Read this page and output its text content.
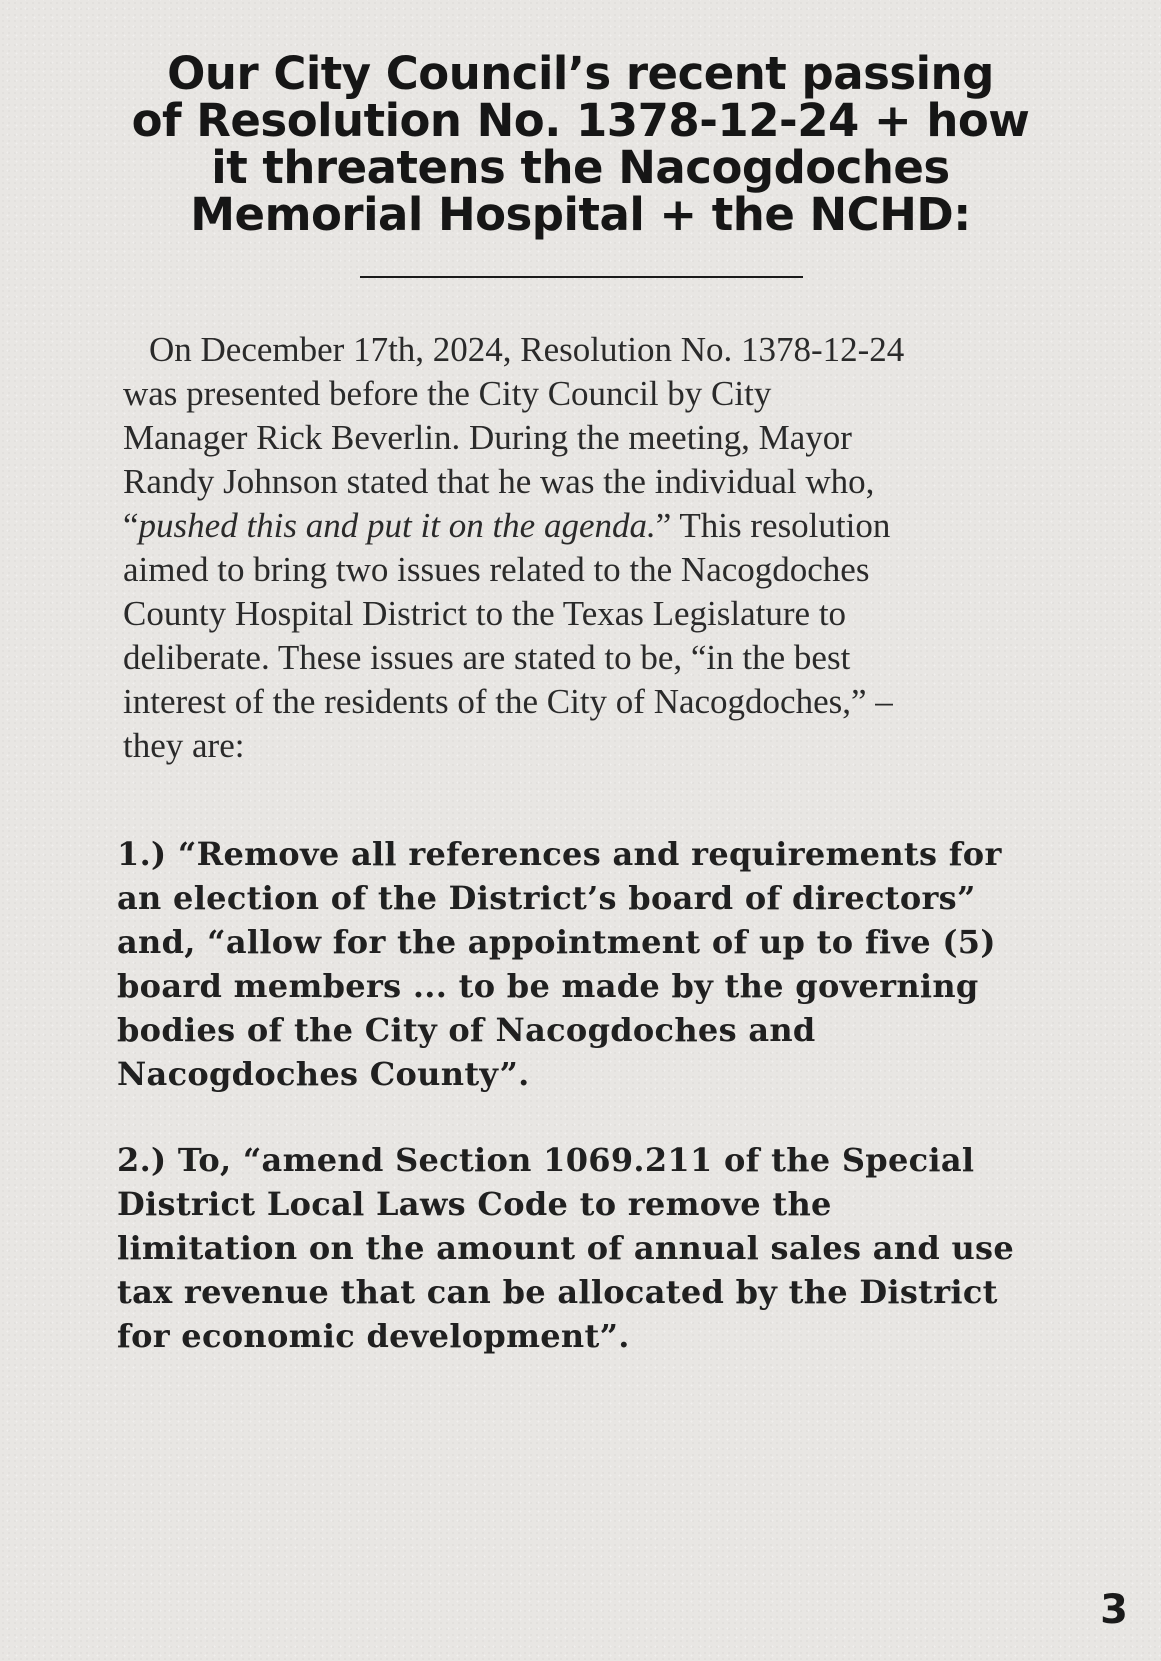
Our City Council’s recent passing
of Resolution No. 1378-12-24 + how
it threatens the Nacogdoches
Memorial Hospital + the NCHD:
On December 17th, 2024, Resolution No. 1378-12-24
was presented before the City Council by City
Manager Rick Beverlin. During the meeting, Mayor
Randy Johnson stated that he was the individual who,
“pushed this and put it on the agenda.” This resolution
aimed to bring two issues related to the Nacogdoches
County Hospital District to the Texas Legislature to
deliberate. These issues are stated to be, “in the best
interest of the residents of the City of Nacogdoches,” –
they are:
1.) “Remove all references and requirements for
an election of the District’s board of directors”
and, “allow for the appointment of up to five (5)
board members ... to be made by the governing
bodies of the City of Nacogdoches and
Nacogdoches County”.
2.) To, “amend Section 1069.211 of the Special
District Local Laws Code to remove the
limitation on the amount of annual sales and use
tax revenue that can be allocated by the District
for economic development”.
3
